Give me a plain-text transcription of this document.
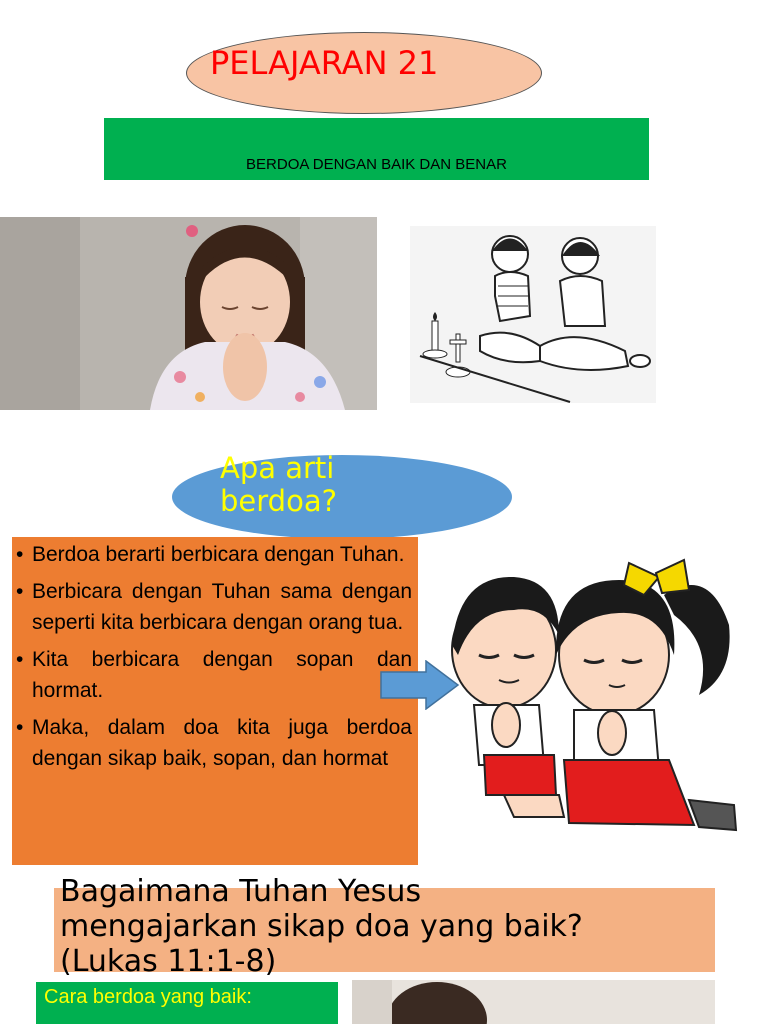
PELAJARAN 21
BERDOA DENGAN BAIK DAN BENAR
Apa arti
berdoa?
• Berdoa berarti berbicara dengan Tuhan.
• Berbicara dengan Tuhan sama dengan seperti kita berbicara dengan orang tua.
• Kita berbicara dengan sopan dan hormat.
• Maka, dalam doa kita juga berdoa dengan sikap baik, sopan, dan hormat
Bagaimana Tuhan Yesus
mengajarkan sikap doa yang baik?
(Lukas 11:1-8)
Cara berdoa yang baik:
